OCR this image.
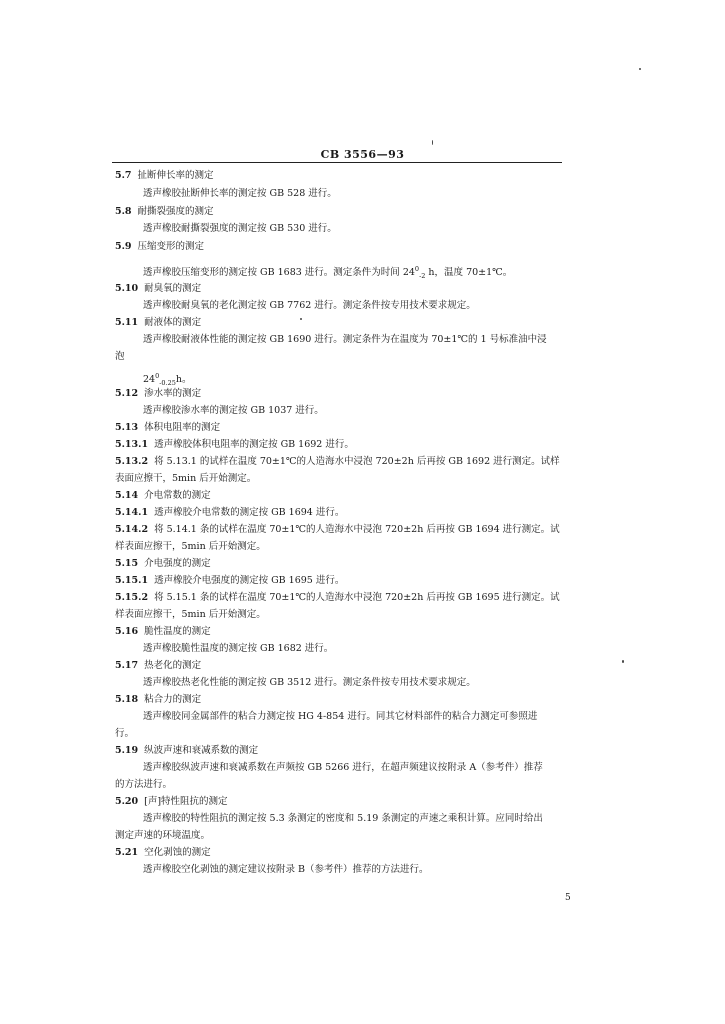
CB 3556—93
5.7 扯断伸长率的测定
透声橡胶扯断伸长率的测定按 GB 528 进行。
5.8 耐撕裂强度的测定
透声橡胶耐撕裂强度的测定按 GB 530 进行。
5.9 压缩变形的测定
透声橡胶压缩变形的测定按 GB 1683 进行。测定条件为时间 $24^0_{-2}$ h，温度 70±1℃。
5.10 耐臭氧的测定
透声橡胶耐臭氧的老化测定按 GB 7762 进行。测定条件按专用技术要求规定。
5.11 耐液体的测定
透声橡胶耐液体性能的测定按 GB 1690 进行。测定条件为在温度为 70±1℃的 1 号标准油中浸
泡
$24^0_{-0.25}h$。
5.12 渗水率的测定
透声橡胶渗水率的测定按 GB 1037 进行。
5.13 体积电阻率的测定
5.13.1 透声橡胶体积电阻率的测定按 GB 1692 进行。
5.13.2 将 5.13.1 的试样在温度 70±1℃的人造海水中浸泡 720±2h 后再按 GB 1692 进行测定。试样
表面应擦干，5min 后开始测定。
5.14 介电常数的测定
5.14.1 透声橡胶介电常数的测定按 GB 1694 进行。
5.14.2 将 5.14.1 条的试样在温度 70±1℃的人造海水中浸泡 720±2h 后再按 GB 1694 进行测定。试
样表面应擦干，5min 后开始测定。
5.15 介电强度的测定
5.15.1 透声橡胶介电强度的测定按 GB 1695 进行。
5.15.2 将 5.15.1 条的试样在温度 70±1℃的人造海水中浸泡 720±2h 后再按 GB 1695 进行测定。试
样表面应擦干，5min 后开始测定。
5.16 脆性温度的测定
透声橡胶脆性温度的测定按 GB 1682 进行。
5.17 热老化的测定
透声橡胶热老化性能的测定按 GB 3512 进行。测定条件按专用技术要求规定。
5.18 粘合力的测定
透声橡胶同金属部件的粘合力测定按 HG 4-854 进行。同其它材料部件的粘合力测定可参照进
行。
5.19 纵波声速和衰减系数的测定
透声橡胶纵波声速和衰减系数在声频按 GB 5266 进行，在超声频建议按附录 A（参考件）推荐
的方法进行。
5.20 [声]特性阻抗的测定
透声橡胶的特性阻抗的测定按 5.3 条测定的密度和 5.19 条测定的声速之乘积计算。应同时给出
测定声速的环境温度。
5.21 空化剥蚀的测定
透声橡胶空化剥蚀的测定建议按附录 B（参考件）推荐的方法进行。
5
